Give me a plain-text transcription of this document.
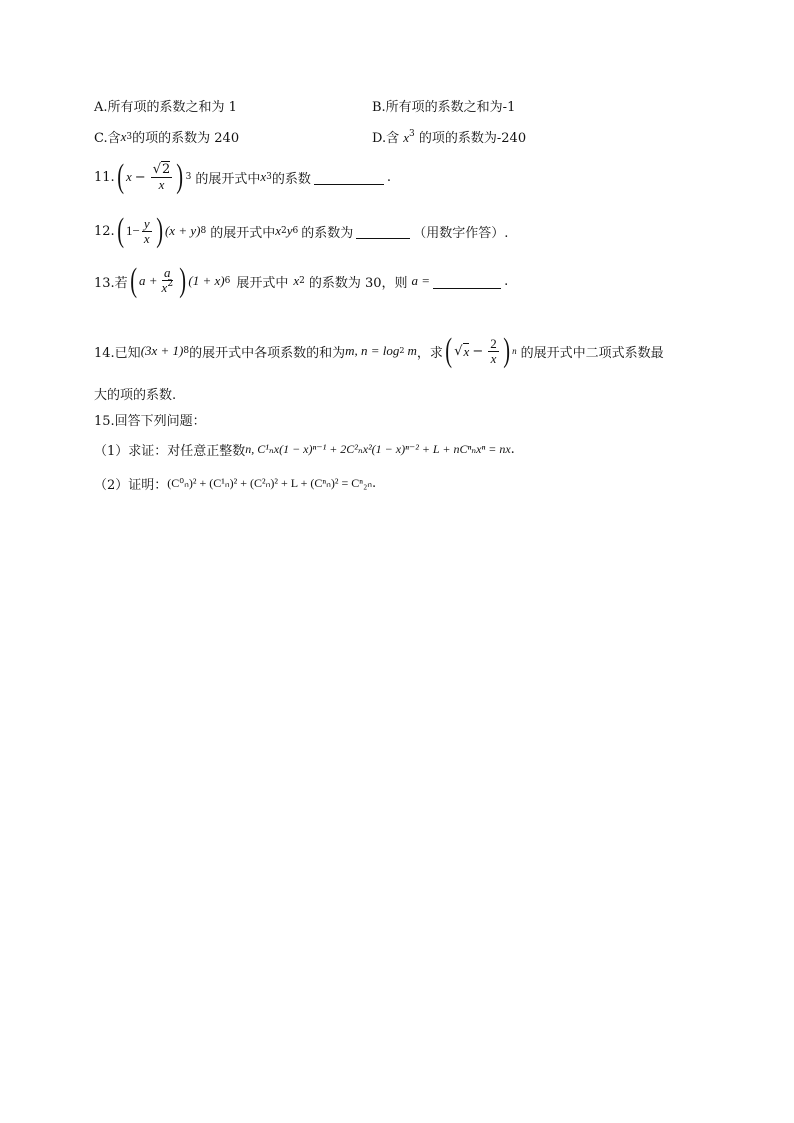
A.所有项的系数之和为 1	B.所有项的系数之和为-1
C.含 x 3 的项的系数为 240	D.含 $x^3$ 的项的系数为-240
11. ( $x - \frac{√2}{x}$ ) 3 的展开式中 x 3 的系数	.
12. ( $1- \frac{y}{x}$ ) (x + y) 8 的展开式中 x 2 y 6 的系数为	（用数字作答）.
13.若 ( $a + \frac{a}{x^2}$ ) (1 + x) 6 展开式中 x 2 的系数为 30，则 a =	.
14.已知 (3x + 1) 8 的展开式中各项系数的和为 m, n = log 2 m ，求 ( √ $x - \frac{2}{x}$ ) n 的展开式中二项式系数最
大的项的系数.
15.回答下列问题：
（1）求证：对任意正整数 n, C¹ₙx(1 − x)ⁿ⁻¹ + 2C²ₙx²(1 − x)ⁿ⁻² + L + nCⁿₙxⁿ = nx .
（2）证明： (C⁰ₙ)² + (C¹ₙ)² + (C²ₙ)² + L + (Cⁿₙ)² = Cⁿ₂ₙ .
